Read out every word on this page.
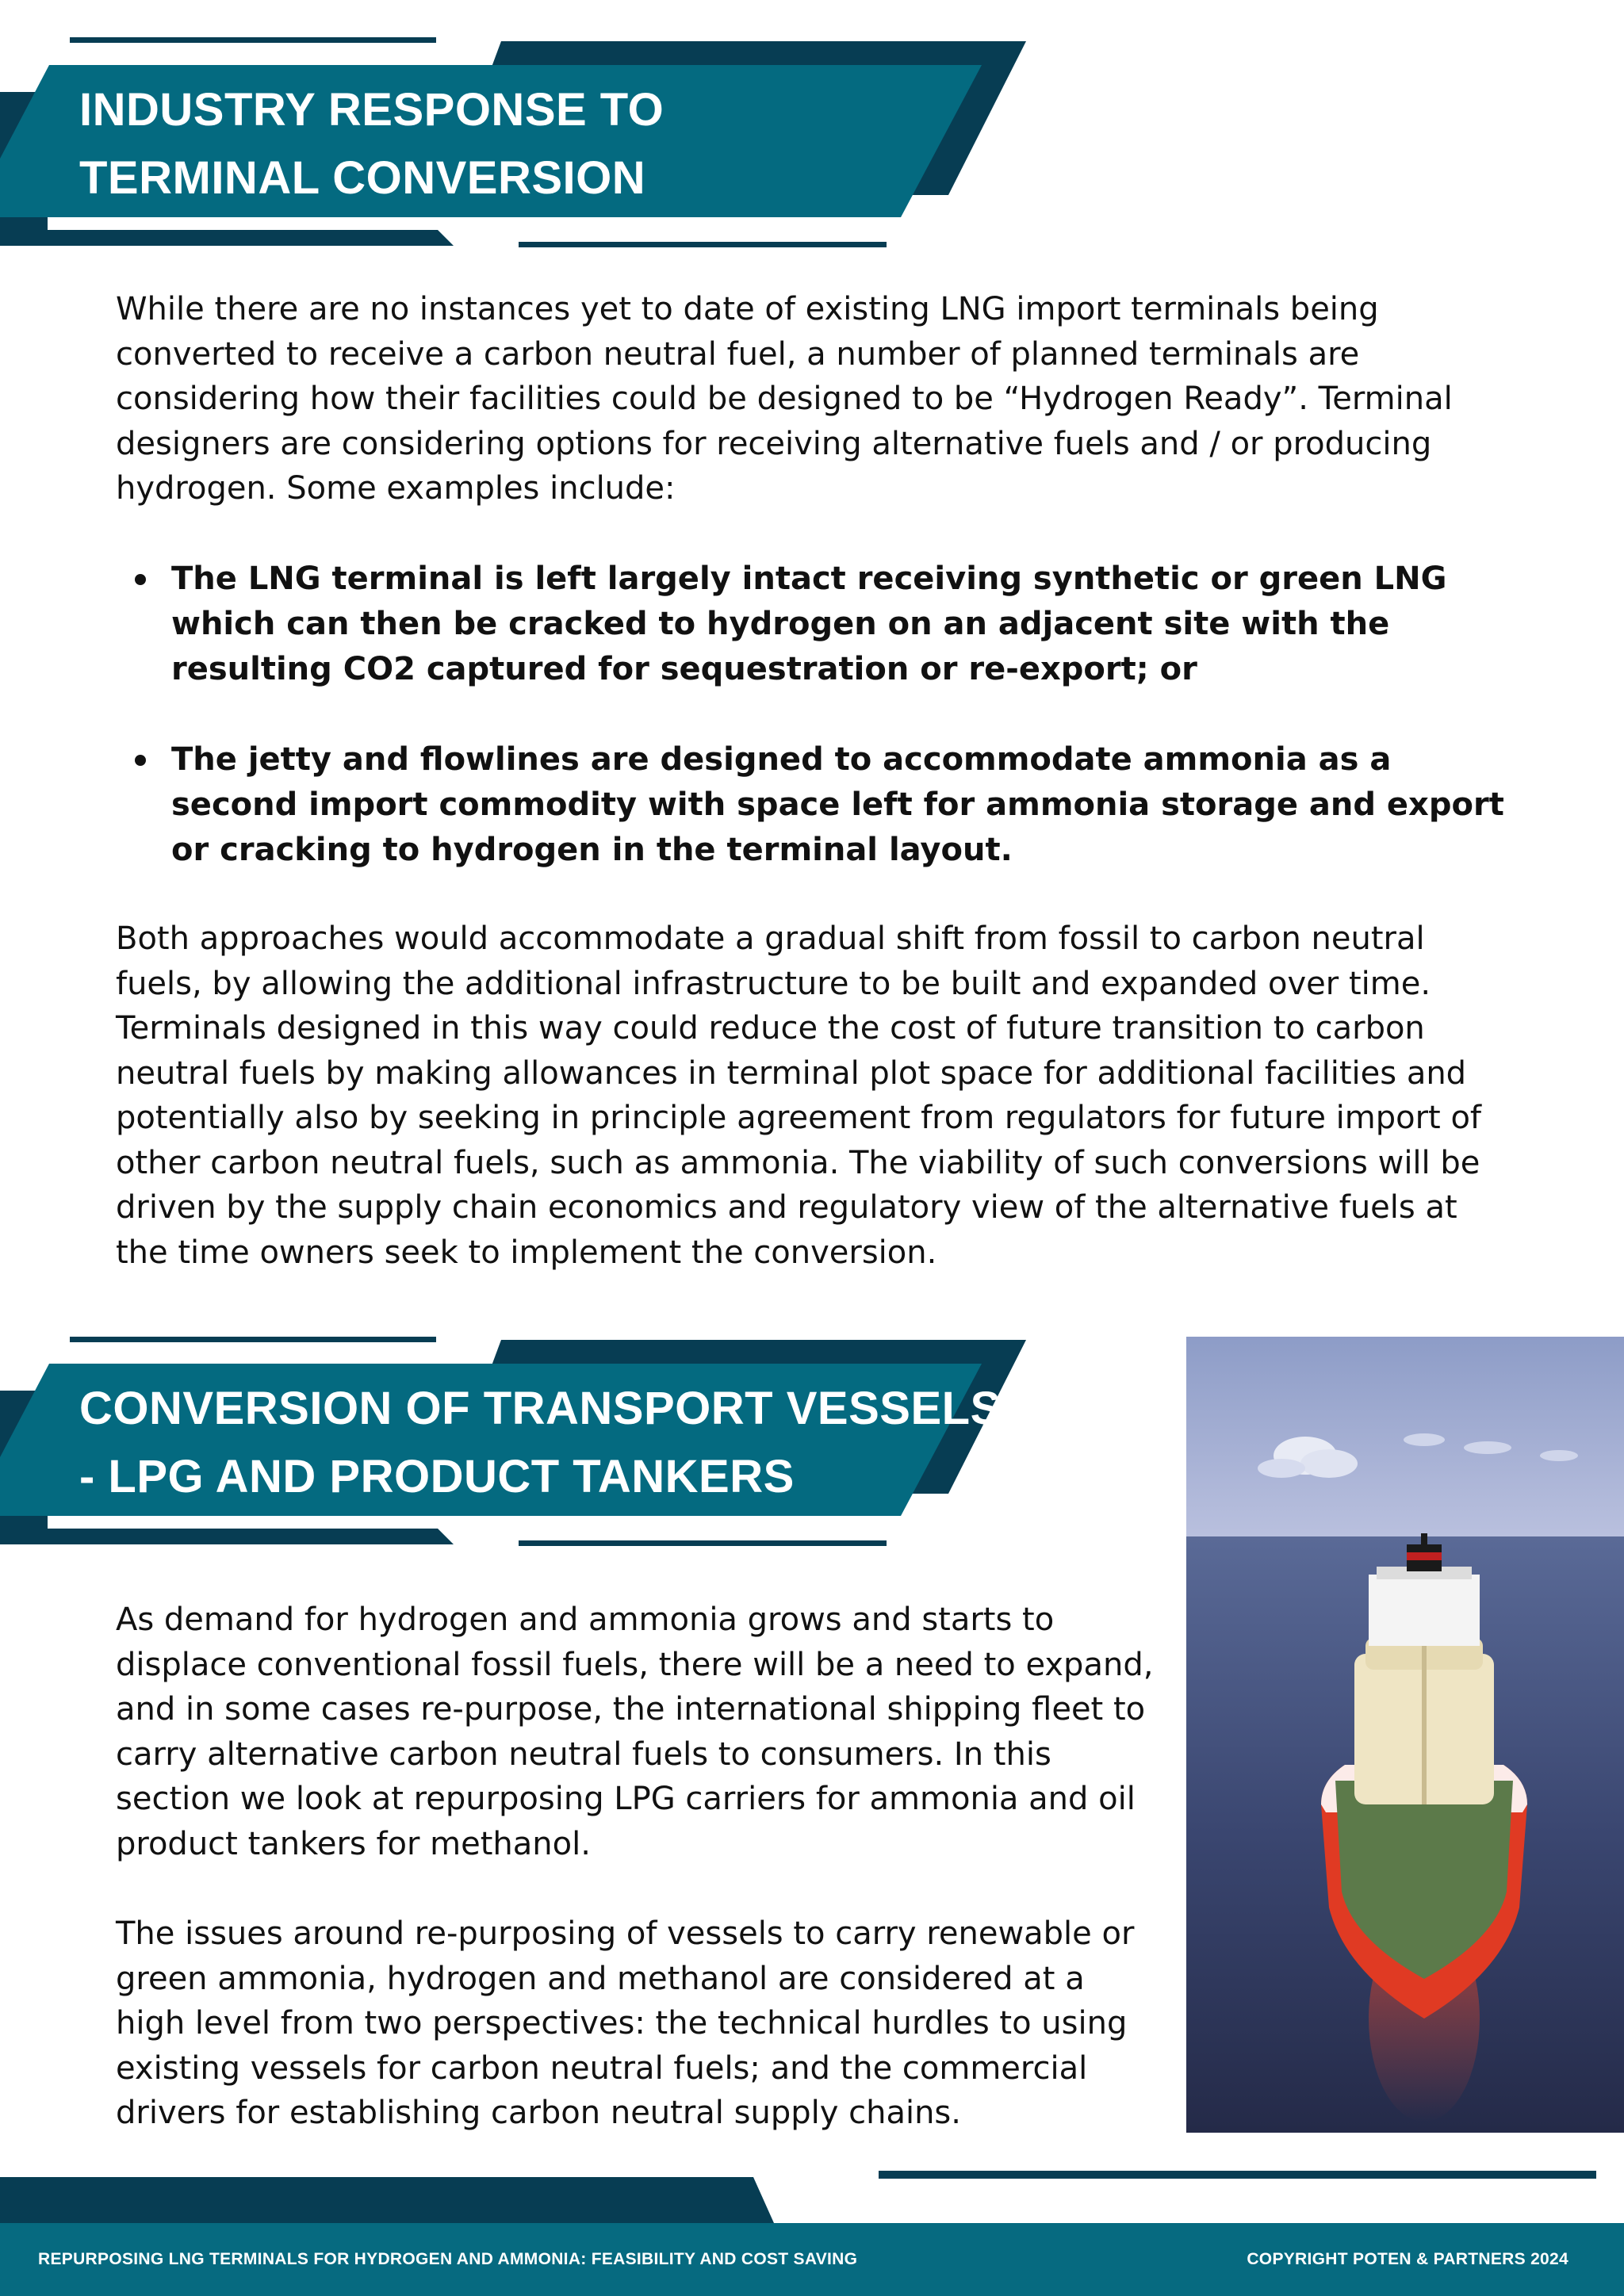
INDUSTRY RESPONSE TO
TERMINAL CONVERSION

While there are no instances yet to date of existing LNG import terminals being converted to receive a carbon neutral fuel, a number of planned terminals are considering how their facilities could be designed to be “Hydrogen Ready”. Terminal designers are considering options for receiving alternative fuels and / or producing hydrogen. Some examples include:

The LNG terminal is left largely intact receiving synthetic or green LNG which can then be cracked to hydrogen on an adjacent site with the resulting CO2 captured for sequestration or re-export; or
The jetty and flowlines are designed to accommodate ammonia as a second import commodity with space left for ammonia storage and export or cracking to hydrogen in the terminal layout.

Both approaches would accommodate a gradual shift from fossil to carbon neutral fuels, by allowing the additional infrastructure to be built and expanded over time. Terminals designed in this way could reduce the cost of future transition to carbon neutral fuels by making allowances in terminal plot space for additional facilities and potentially also by seeking in principle agreement from regulators for future import of other carbon neutral fuels, such as ammonia. The viability of such conversions will be driven by the supply chain economics and regulatory view of the alternative fuels at the time owners seek to implement the conversion.

CONVERSION OF TRANSPORT VESSELS
- LPG AND PRODUCT TANKERS

As demand for hydrogen and ammonia grows and starts to displace conventional fossil fuels, there will be a need to expand, and in some cases re-purpose, the international shipping fleet to carry alternative carbon neutral fuels to consumers. In this section we look at repurposing LPG carriers for ammonia and oil product tankers for methanol.

The issues around re-purposing of vessels to carry renewable or green ammonia, hydrogen and methanol are considered at a high level from two perspectives: the technical hurdles to using existing vessels for carbon neutral fuels; and the commercial drivers for establishing carbon neutral supply chains.

REPURPOSING LNG TERMINALS FOR HYDROGEN AND AMMONIA: FEASIBILITY AND COST SAVING	COPYRIGHT POTEN & PARTNERS 2024
